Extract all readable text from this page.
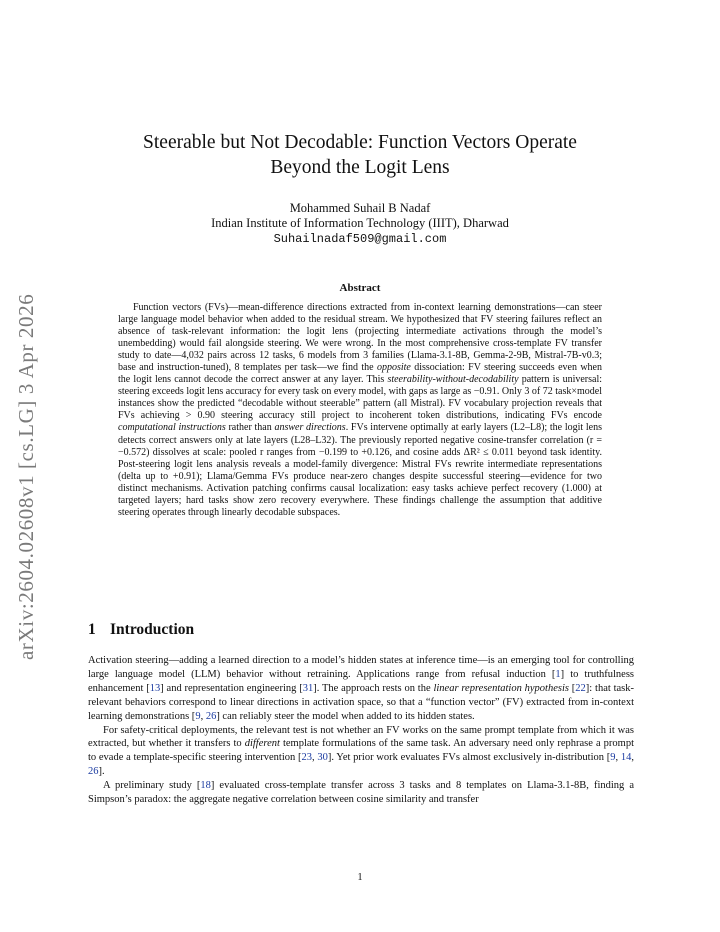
arXiv:2604.02608v1 [cs.LG] 3 Apr 2026
Steerable but Not Decodable: Function Vectors Operate
Beyond the Logit Lens
Mohammed Suhail B Nadaf
Indian Institute of Information Technology (IIIT), Dharwad
Suhailnadaf509@gmail.com
Abstract

Function vectors (FVs)—mean-difference directions extracted from in-context learning demonstrations—can steer large language model behavior when added to the residual stream. We hypothesized that FV steering failures reflect an absence of task-relevant information: the logit lens (projecting intermediate activations through the model’s unembedding) would fail alongside steering. We were wrong. In the most comprehensive cross-template FV transfer study to date—4,032 pairs across 12 tasks, 6 models from 3 families (Llama-3.1-8B, Gemma-2-9B, Mistral-7B-v0.3; base and instruction-tuned), 8 templates per task—we find the opposite dissociation: FV steering succeeds even when the logit lens cannot decode the correct answer at any layer. This steerability-without-decodability pattern is universal: steering exceeds logit lens accuracy for every task on every model, with gaps as large as −0.91. Only 3 of 72 task×model instances show the predicted “decodable without steerable” pattern (all Mistral). FV vocabulary projection reveals that FVs achieving > 0.90 steering accuracy still project to incoherent token distributions, indicating FVs encode computational instructions rather than answer directions. FVs intervene optimally at early layers (L2–L8); the logit lens detects correct answers only at late layers (L28–L32). The previously reported negative cosine-transfer correlation (r = −0.572) dissolves at scale: pooled r ranges from −0.199 to +0.126, and cosine adds ΔR² ≤ 0.011 beyond task identity. Post-steering logit lens analysis reveals a model-family divergence: Mistral FVs rewrite intermediate representations (delta up to +0.91); Llama/Gemma FVs produce near-zero changes despite successful steering—evidence for two distinct mechanisms. Activation patching confirms causal localization: easy tasks achieve perfect recovery (1.000) at targeted layers; hard tasks show zero recovery everywhere. These findings challenge the assumption that additive steering operates through linearly decodable subspaces.

1 Introduction

Activation steering—adding a learned direction to a model’s hidden states at inference time—is an emerging tool for controlling large language model (LLM) behavior without retraining. Applications range from refusal induction [1] to truthfulness enhancement [13] and representation engineering [31]. The approach rests on the linear representation hypothesis [22]: that task-relevant behaviors correspond to linear directions in activation space, so that a “function vector” (FV) extracted from in-context learning demonstrations [9, 26] can reliably steer the model when added to its hidden states.

For safety-critical deployments, the relevant test is not whether an FV works on the same prompt template from which it was extracted, but whether it transfers to different template formulations of the same task. An adversary need only rephrase a prompt to evade a template-specific steering intervention [23, 30]. Yet prior work evaluates FVs almost exclusively in-distribution [9, 14, 26].

A preliminary study [18] evaluated cross-template transfer across 3 tasks and 8 templates on Llama-3.1-8B, finding a Simpson’s paradox: the aggregate negative correlation between cosine similarity and transfer

1
